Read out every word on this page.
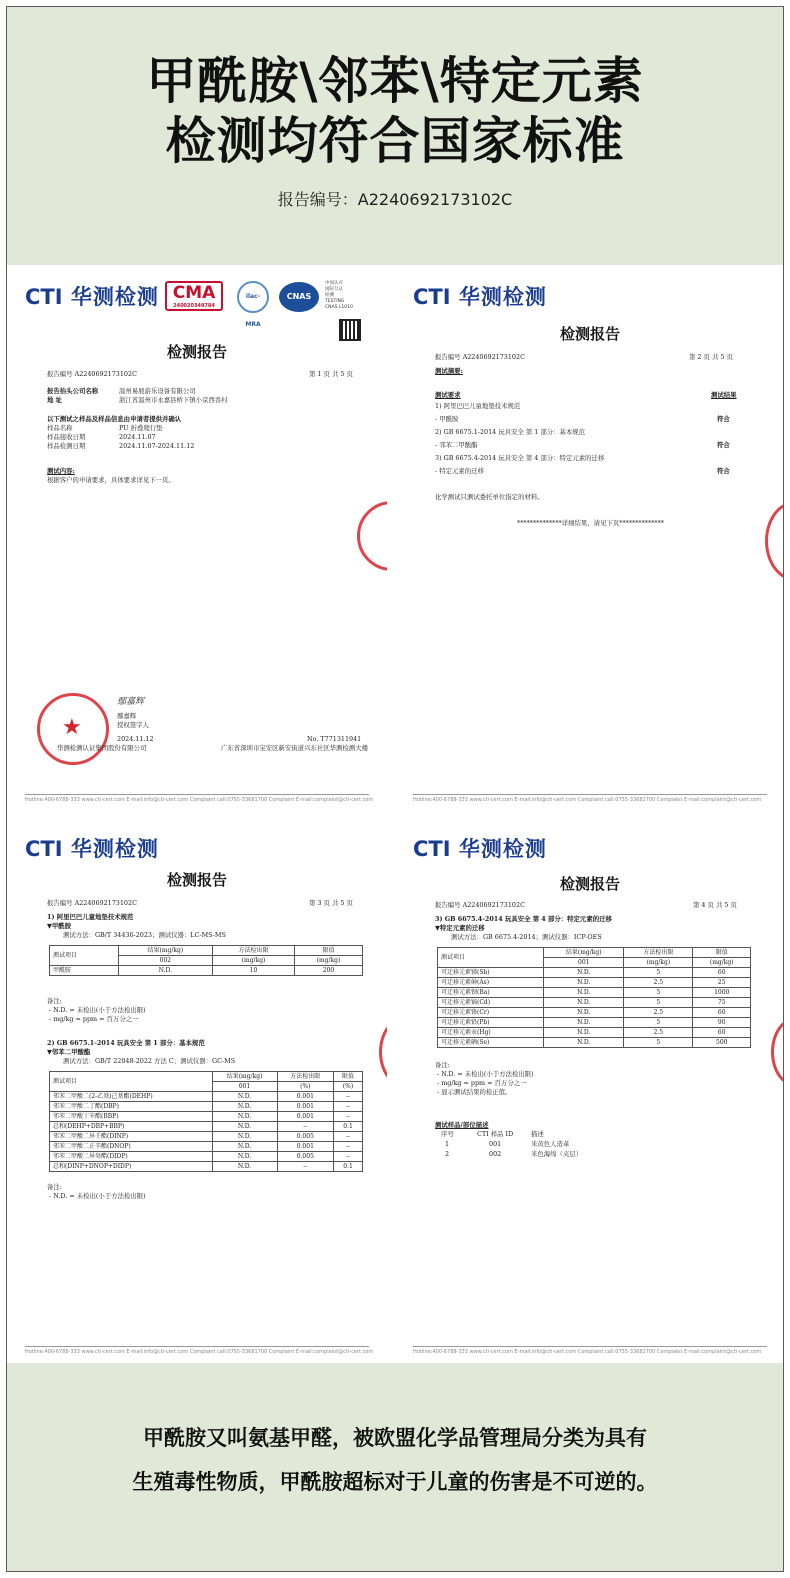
甲酰胺\邻苯\特定元素
检测均符合国家标准
报告编号：A2240692173102C
CTI 华测检测 CMA
240020349784
ilac-MRA
CNAS
中国认可
国际互认
检测
TESTING
CNAS L1010
检测报告
报告编号 A2240692173102C	第 1 页 共 5 页
报告抬头公司名称	温州易展游乐设备有限公司
地 址	浙江省温州市永嘉县桥下镇小京西岙村
以下测试之样品及样品信息由申请者提供并确认
样品名称	PU 折叠爬行垫
样品接收日期	2024.11.07
样品检测日期	2024.11.07-2024.11.12
测试内容:
根据客户的申请要求，具体要求详见下一页。
★
鄢嘉辉
鄢嘉辉
授权签字人
2024.11.12
华测检测认证集团股份有限公司
No. T771311941
广东省深圳市宝安区新安街道兴东社区华测检测大楼
Hotline:400-6788-333 www.cti-cert.com E-mail:info@cti-cert.com Complaint call:0755-33681700 Complaint E-mail:complaint@cti-cert.com
CTI 华测检测
检测报告
报告编号 A2240692173102C	第 2 页 共 5 页
测试摘要:
测试要求	测试结果
1) 阿里巴巴儿童地垫技术规范
- 甲酰胺	符合
2) GB 6675.1-2014 玩具安全 第 1 部分：基本规范
- 邻苯二甲酸酯	符合
3) GB 6675.4-2014 玩具安全 第 4 部分：特定元素的迁移
- 特定元素的迁移	符合
化学测试只测试委托单位指定的材料。
**************详细结果，请见下页**************
Hotline:400-6788-333 www.cti-cert.com E-mail:info@cti-cert.com Complaint call:0755-33681700 Complaint E-mail:complaint@cti-cert.com
CTI 华测检测
检测报告
报告编号 A2240692173102C	第 3 页 共 5 页
1) 阿里巴巴儿童地垫技术规范
▼甲酰胺
测试方法：GB/T 34436-2023；测试仪器：LC-MS-MS
测试项目	结果(mg/kg)	方法检出限	限值
	002	(mg/kg)	(mg/kg)
甲酰胺	N.D.	10	200
备注:
- N.D. = 未检出(小于方法检出限)
- mg/kg = ppm = 百万分之一
2) GB 6675.1-2014 玩具安全 第 1 部分：基本规范
▼邻苯二甲酸酯
测试方法：GB/T 22048-2022 方法 C；测试仪器：GC-MS
测试项目	结果(mg/kg)	方法检出限	限值
	001	(%)	(%)
邻苯二甲酸二(2-乙基)己基酯(DEHP)	N.D.	0.001	--
邻苯二甲酸二丁酯(DBP)	N.D.	0.001	--
邻苯二甲酸丁苄酯(BBP)	N.D.	0.001	--
总和(DEHP+DBP+BBP)	N.D.	--	0.1
邻苯二甲酸二异壬酯(DINP)	N.D.	0.005	--
邻苯二甲酸二正辛酯(DNOP)	N.D.	0.001	--
邻苯二甲酸二异癸酯(DIDP)	N.D.	0.005	--
总和(DINP+DNOP+DIDP)	N.D.	--	0.1
备注:
- N.D. = 未检出(小于方法检出限)
Hotline:400-6788-333 www.cti-cert.com E-mail:info@cti-cert.com Complaint call:0755-33681700 Complaint E-mail:complaint@cti-cert.com
CTI 华测检测
检测报告
报告编号 A2240692173102C	第 4 页 共 5 页
3) GB 6675.4-2014 玩具安全 第 4 部分：特定元素的迁移
▼特定元素的迁移
测试方法：GB 6675.4-2014；测试仪器：ICP-OES
测试项目	结果(mg/kg)	方法检出限	限值
	001	(mg/kg)	(mg/kg)
可迁移元素锑(Sb)	N.D.	5	60
可迁移元素砷(As)	N.D.	2.5	25
可迁移元素钡(Ba)	N.D.	5	1000
可迁移元素镉(Cd)	N.D.	5	75
可迁移元素铬(Cr)	N.D.	2.5	60
可迁移元素铅(Pb)	N.D.	5	90
可迁移元素汞(Hg)	N.D.	2.5	60
可迁移元素硒(Se)	N.D.	5	500
备注:
- N.D. = 未检出(小于方法检出限)
- mg/kg = ppm = 百万分之一
- 显示测试结果的检正值。
测试样品/部位描述
序号	CTI 样品 ID	描述
1	001	米黄色人造革
2	002	米色海绵（夹层）
Hotline:400-6788-333 www.cti-cert.com E-mail:info@cti-cert.com Complaint call:0755-33681700 Complaint E-mail:complaint@cti-cert.com
甲酰胺又叫氨基甲醛，被欧盟化学品管理局分类为具有
生殖毒性物质，甲酰胺超标对于儿童的伤害是不可逆的。
